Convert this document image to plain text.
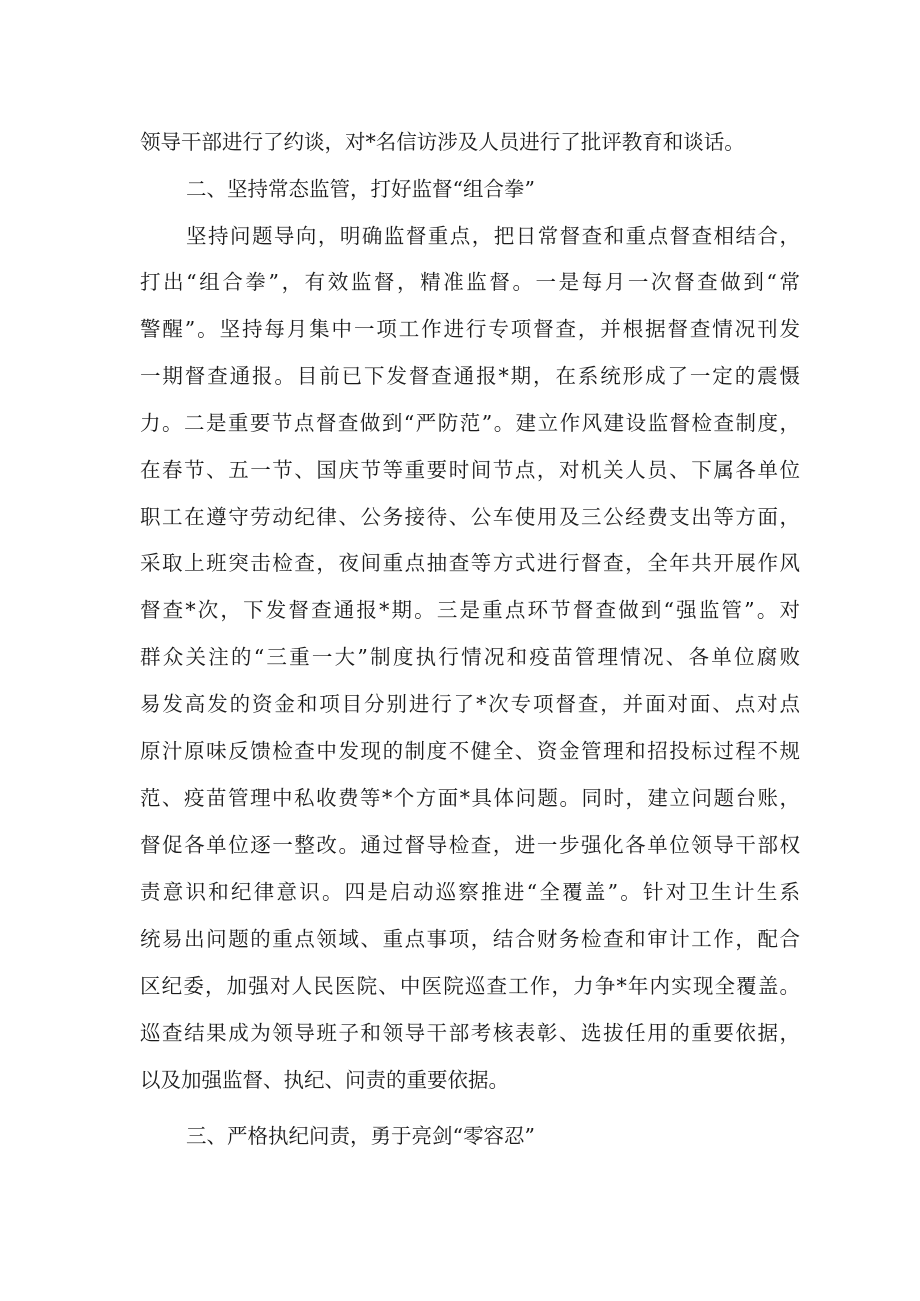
领导干部进行了约谈，对*名信访涉及人员进行了批评教育和谈话。
二、坚持常态监管，打好监督“组合拳”
坚持问题导向，明确监督重点，把日常督查和重点督查相结合，
打出“组合拳”，有效监督，精准监督。一是每月一次督查做到“常
警醒”。坚持每月集中一项工作进行专项督查，并根据督查情况刊发
一期督查通报。目前已下发督查通报*期，在系统形成了一定的震慑
力。二是重要节点督查做到“严防范”。建立作风建设监督检查制度，
在春节、五一节、国庆节等重要时间节点，对机关人员、下属各单位
职工在遵守劳动纪律、公务接待、公车使用及三公经费支出等方面，
采取上班突击检查，夜间重点抽查等方式进行督查，全年共开展作风
督查*次，下发督查通报*期。三是重点环节督查做到“强监管”。对
群众关注的“三重一大”制度执行情况和疫苗管理情况、各单位腐败
易发高发的资金和项目分别进行了*次专项督查，并面对面、点对点
原汁原味反馈检查中发现的制度不健全、资金管理和招投标过程不规
范、疫苗管理中私收费等*个方面*具体问题。同时，建立问题台账，
督促各单位逐一整改。通过督导检查，进一步强化各单位领导干部权
责意识和纪律意识。四是启动巡察推进“全覆盖”。针对卫生计生系
统易出问题的重点领域、重点事项，结合财务检查和审计工作，配合
区纪委，加强对人民医院、中医院巡查工作，力争*年内实现全覆盖。
巡查结果成为领导班子和领导干部考核表彰、选拔任用的重要依据，
以及加强监督、执纪、问责的重要依据。
三、严格执纪问责，勇于亮剑“零容忍”
